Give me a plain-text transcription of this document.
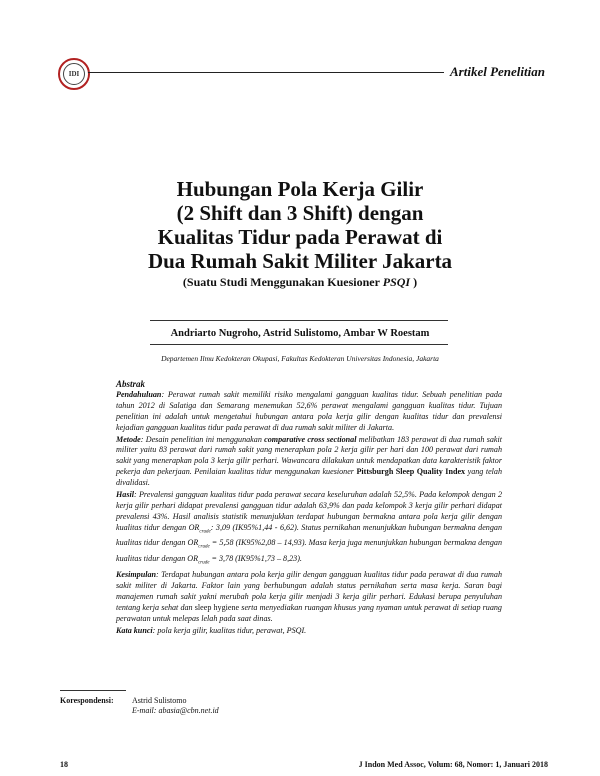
IDI	Artikel Penelitian
Hubungan Pola Kerja Gilir
(2 Shift dan 3 Shift) dengan
Kualitas Tidur pada Perawat di
Dua Rumah Sakit Militer Jakarta
(Suatu Studi Menggunakan Kuesioner PSQI )
Andriarto Nugroho, Astrid Sulistomo, Ambar W Roestam
Departemen Ilmu Kedokteran Okupasi, Fakultas Kedokteran Universitas Indonesia, Jakarta
Abstrak

Pendahuluan: Perawat rumah sakit memiliki risiko mengalami gangguan kualitas tidur. Sebuah penelitian pada tahun 2012 di Salatiga dan Semarang menemukan 52,6% perawat mengalami gangguan kualitas tidur. Tujuan penelitian ini adalah untuk mengetahui hubungan antara pola kerja gilir dengan kualitas tidur dan prevalensi kejadian gangguan kualitas tidur pada perawat di dua rumah sakit militer di Jakarta.

Metode: Desain penelitian ini menggunakan comparative cross sectional melibatkan 183 perawat di dua rumah sakit militer yaitu 83 perawat dari rumah sakit yang menerapkan pola 2 kerja gilir per hari dan 100 perawat dari rumah sakit yang menerapkan pola 3 kerja gilir perhari. Wawancara dilakukan untuk mendapatkan data karakteristik faktor pekerja dan pekerjaan. Penilaian kualitas tidur menggunakan kuesioner Pittsburgh Sleep Quality Index yang telah divalidasi.

Hasil: Prevalensi gangguan kualitas tidur pada perawat secara keseluruhan adalah 52,5%. Pada kelompok dengan 2 kerja gilir perhari didapat prevalensi gangguan tidur adalah 63,9% dan pada kelompok 3 kerja gilir perhari didapat prevalensi 43%. Hasil analisis statistik menunjukkan terdapat hubungan bermakna antara pola kerja gilir dengan kualitas tidur dengan $OR_{crude}$: 3,09 (IK95%1,44 - 6,62). Status pernikahan menunjukkan hubungan bermakna dengan kualitas tidur dengan $OR_{crude} = 5,58$ (IK95%2,08 – 14,93). Masa kerja juga menunjukkan hubungan bermakna dengan kualitas tidur dengan $OR_{crude} = 3,78$ (IK95%1,73 – 8,23).

Kesimpulan: Terdapat hubungan antara pola kerja gilir dengan gangguan kualitas tidur pada perawat di dua rumah sakit militer di Jakarta. Faktor lain yang berhubungan adalah status pernikahan serta masa kerja. Saran bagi manajemen rumah sakit yakni merubah pola kerja gilir menjadi 3 kerja gilir perhari. Edukasi berupa penyuluhan tentang kerja sehat dan sleep hygiene serta menyediakan ruangan khusus yang nyaman untuk perawat di setiap ruang perawatan untuk melepas lelah pada saat dinas.

Kata kunci: pola kerja gilir, kualitas tidur, perawat, PSQI.

Korespondensi: Astrid Sulistomo
E-mail: abasia@cbn.net.id
18	J Indon Med Assoc, Volum: 68, Nomor: 1, Januari 2018
